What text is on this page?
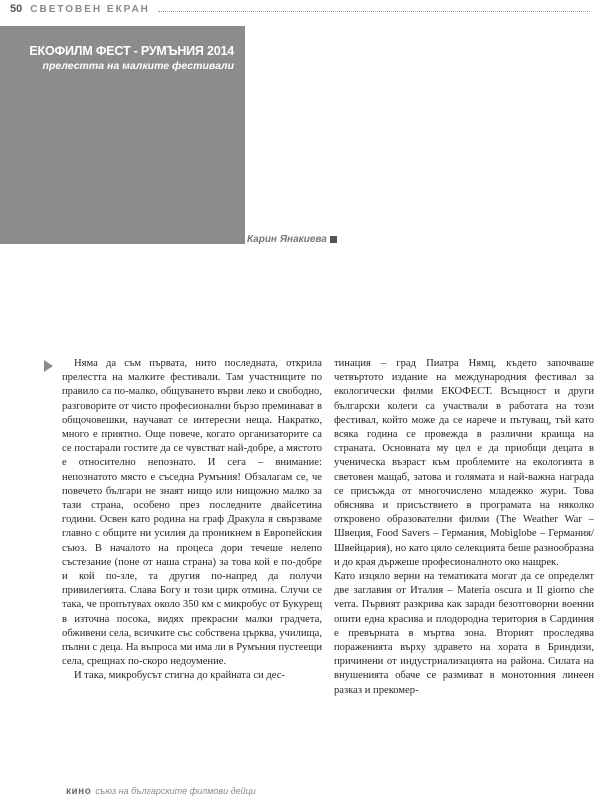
50 СВЕТОВЕН ЕКРАН
ЕКОФИЛМ ФЕСТ - РУМЪНИЯ 2014
прелестта на малките фестивали
Карин Янакиева

Няма да съм първата, нито последната, открила прелестта на малките фестивали. Там участниците по правило са по-малко, общуването върви леко и свободно, разговорите от чисто професионални бързо преминават в общочовешки, научават се интересни неща. Накратко, много е приятно. Още повече, когато организаторите са се постарали гостите да се чувстват най-добре, а мястото е относително непознато. И сега – внимание: непознатото място е съседна Румъния! Обзалагам се, че повечето българи не знаят нищо или нищожно малко за тази страна, особено през последните двайсетина години. Освен като родина на граф Дракула я свързваме главно с общите ни усилия да проникнем в Европейския съюз. В началото на процеса дори течеше нелепо състезание (поне от наша страна) за това кой е по-добре и кой по-зле, та другия по-напред да получи привилегията. Слава Богу и този цирк отмина. Случи се така, че пропътувах около 350 км с микробус от Букурещ в източна посока, видях прекрасни малки градчета, обживени села, всичките със собствена църква, училища, пълни с деца. На въпроса ми има ли в Румъния пустеещи села, срещнах по-скоро недоумение.

И така, микробусът стигна до крайната си дес-

тинация – град Пиатра Нямц, където започваше четвъртото издание на международния фестивал за екологически филми ЕКОФЕСТ. Всъщност и други български колеги са участвали в работата на този фестивал, който може да се нарече и пътуващ, тъй като всяка година се провежда в различни краища на страната. Основната му цел е да приобщи децата в ученическа възраст към проблемите на екологията в световен мащаб, затова и голямата и най-важна награда се присъжда от многочислено младежко жури. Това обяснява и присъствието в програмата на няколко откровено образователни филми (The Weather War – Швеция, Food Savers – Германия, Mobiglobe – Германия/Швейцария), но като цяло селекцията беше разнообразна и до края държеше професионалното око нащрек.

Като изцяло верни на тематиката могат да се определят две заглавия от Италия – Materia oscura и Il giorno che verra. Първият разкрива как заради безотговорни военни опити една красива и плодородна територия в Сардиния е превърната в мъртва зона. Вторият проследява пораженията върху здравето на хората в Бриндизи, причинени от индустриализацията на района. Силата на внушенията обаче се размиват в монотонния линеен разказ и прекомер-

кино съюз на българските филмови дейци
